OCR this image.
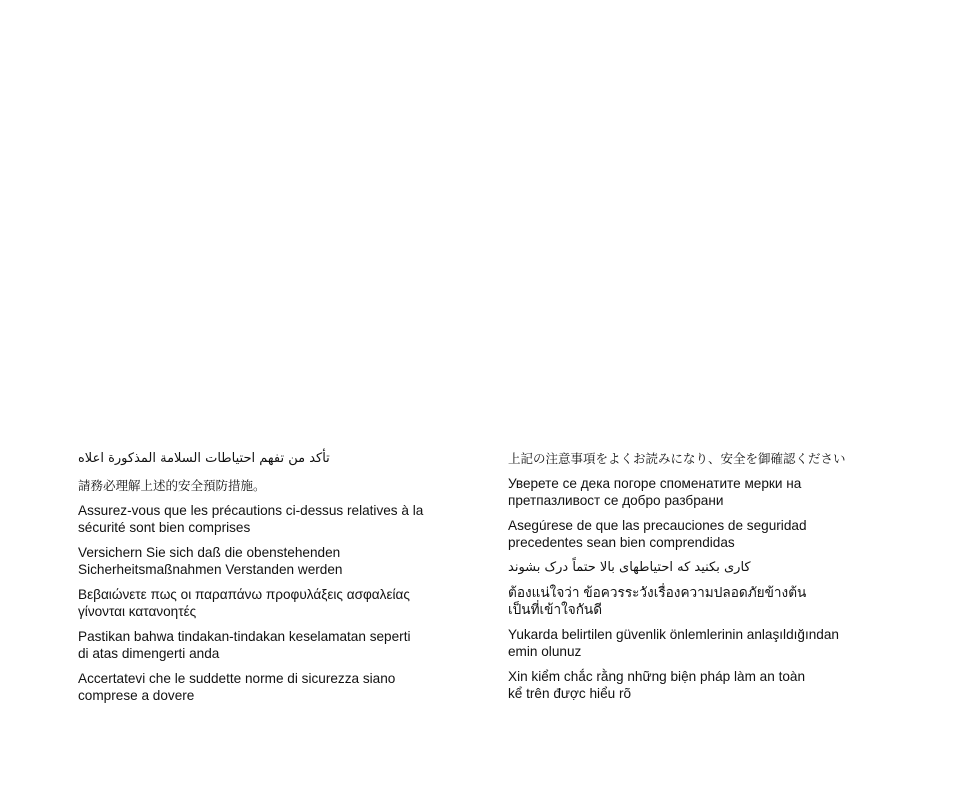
تأكد من تفهم احتياطات السلامة المذكورة اعلاه

請務必理解上述的安全預防措施。

Assurez-vous que les précautions ci-dessus relatives à la
sécurité sont bien comprises

Versichern Sie sich daß die obenstehenden
Sicherheitsmaßnahmen Verstanden werden

Βεβαιώνετε πως οι παραπάνω προφυλάξεις ασφαλείας
γίνονται κατανοητές

Pastikan bahwa tindakan-tindakan keselamatan seperti
di atas dimengerti anda

Accertatevi che le suddette norme di sicurezza siano
comprese a dovere

上記の注意事項をよくお読みになり、安全を御確認ください

Уверете се дека погоре спомeнатите мерки на
претпазливост се добро разбрани

Asegúrese de que las precauciones de seguridad
precedentes sean bien comprendidas

کاری بکنید که احتیاطهای بالا حتماً درک بشوند

ต้องแน่ใจว่า ข้อควรระวังเรื่องความปลอดภัยข้างต้น
เป็นที่เข้าใจกันดี

Yukarda belirtilen güvenlik önlemlerinin anlaşıldığından
emin olunuz

Xin kiểm chắc rằng những biện pháp làm an toàn
kể trên được hiểu rõ
